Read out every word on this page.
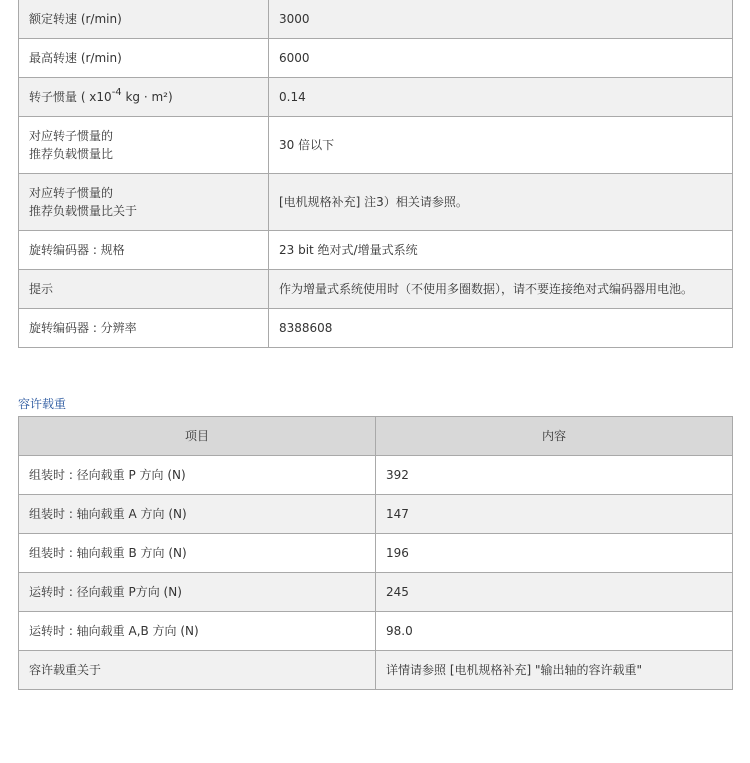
额定转速 (r/min)	3000
最高转速 (r/min)	6000
转子惯量 ( $x10^{-4}$ kg · m²)	0.14
对应转子惯量的
推荐负载惯量比	30 倍以下
对应转子惯量的
推荐负载惯量比关于	[电机规格补充] 注3）相关请参照。
旋转编码器 : 规格	23 bit 绝对式/增量式系统
提示	作为增量式系统使用时（不使用多圈数据），请不要连接绝对式编码器用电池。
旋转编码器 : 分辨率	8388608
容许载重
项目	内容
组装时 : 径向载重 P 方向 (N)	392
组装时 : 轴向载重 A 方向 (N)	147
组装时 : 轴向载重 B 方向 (N)	196
运转时 : 径向载重 P方向 (N)	245
运转时 : 轴向载重 A,B 方向 (N)	98.0
容许载重关于	详情请参照 [电机规格补充] "输出轴的容许载重"
